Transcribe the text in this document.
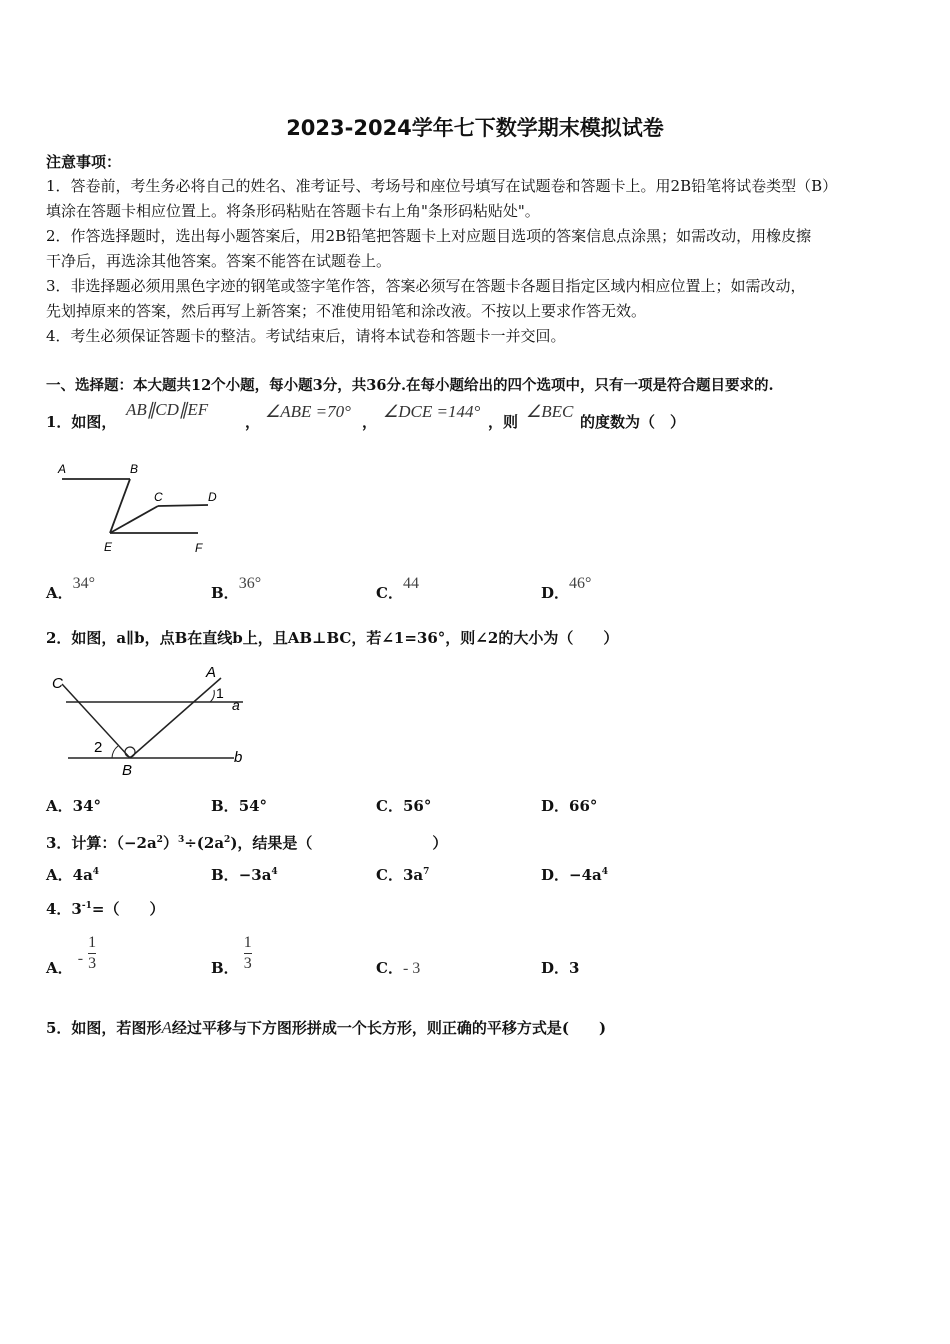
2023-2024学年七下数学期末模拟试卷
注意事项：
1．答卷前，考生务必将自己的姓名、准考证号、考场号和座位号填写在试题卷和答题卡上。用2B铅笔将试卷类型（B）
填涂在答题卡相应位置上。将条形码粘贴在答题卡右上角"条形码粘贴处"。
2．作答选择题时，选出每小题答案后，用2B铅笔把答题卡上对应题目选项的答案信息点涂黑；如需改动，用橡皮擦
干净后，再选涂其他答案。答案不能答在试题卷上。
3．非选择题必须用黑色字迹的钢笔或签字笔作答，答案必须写在答题卡各题目指定区域内相应位置上；如需改动，
先划掉原来的答案，然后再写上新答案；不准使用铅笔和涂改液。不按以上要求作答无效。
4．考生必须保证答题卡的整洁。考试结束后，请将本试卷和答题卡一并交回。
一、选择题：本大题共12个小题，每小题3分，共36分.在每小题给出的四个选项中，只有一项是符合题目要求的.
1．如图，
AB∥CD∥EF
，
∠ABE =70°
，
∠DCE =144°
，则
∠BEC
的度数为（　）
A	B
C	D
E	F
A．34°
B．36°
C．44
D．46°
2．如图，a∥b，点B在直线b上，且AB⊥BC，若∠1=36°，则∠2的大小为（　　）
C
A
1
a
2
B
b
A．34°	B．54°	C．56°	D．66°
3．计算：$(-2a^2)^3\div(2a^2)$，结果是（　　　　　　　　）
A．$4a^4$	B．$-3a^4$	C．$3a^7$	D．$-4a^4$
4．$3^{-1}=$（　　）
A． - $\frac{1}{3}$	B． $\frac{1}{3}$	C．- 3	D．3
5．如图，若图形A经过平移与下方图形拼成一个长方形，则正确的平移方式是(　　)
